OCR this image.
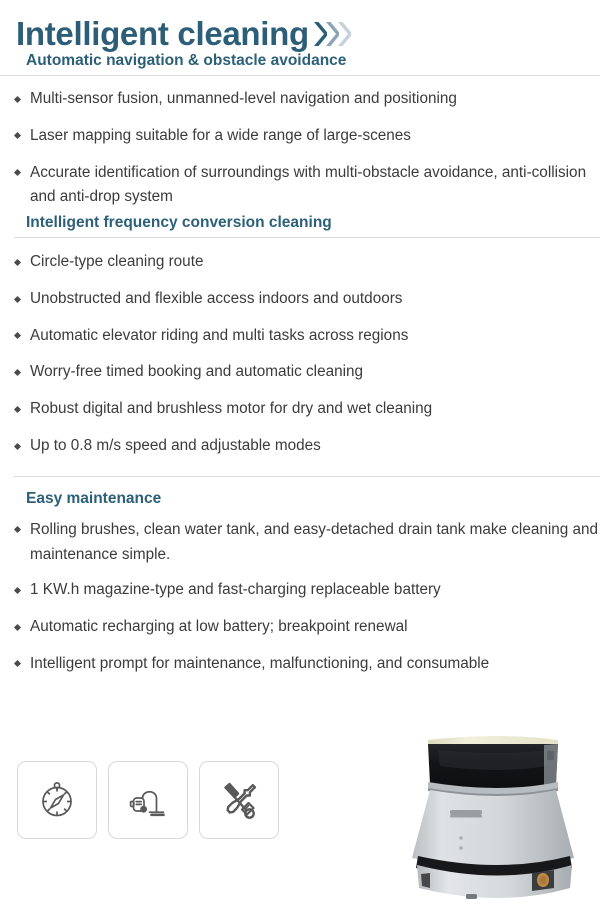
Intelligent cleaning
Automatic navigation & obstacle avoidance
Multi-sensor fusion, unmanned-level navigation and positioning
Laser mapping suitable for a wide range of large-scenes
Accurate identification of surroundings with multi-obstacle avoidance, anti-collision and anti-drop system
Intelligent frequency conversion cleaning
Circle-type cleaning route
Unobstructed and flexible access indoors and outdoors
Automatic elevator riding and multi tasks across regions
Worry-free timed booking and automatic cleaning
Robust digital and brushless motor for dry and wet cleaning
Up to 0.8 m/s speed and adjustable modes
Easy maintenance
Rolling brushes, clean water tank, and easy-detached drain tank make cleaning and maintenance simple.
1 KW.h magazine-type and fast-charging replaceable battery
Automatic recharging at low battery; breakpoint renewal
Intelligent prompt for maintenance, malfunctioning, and consumable
